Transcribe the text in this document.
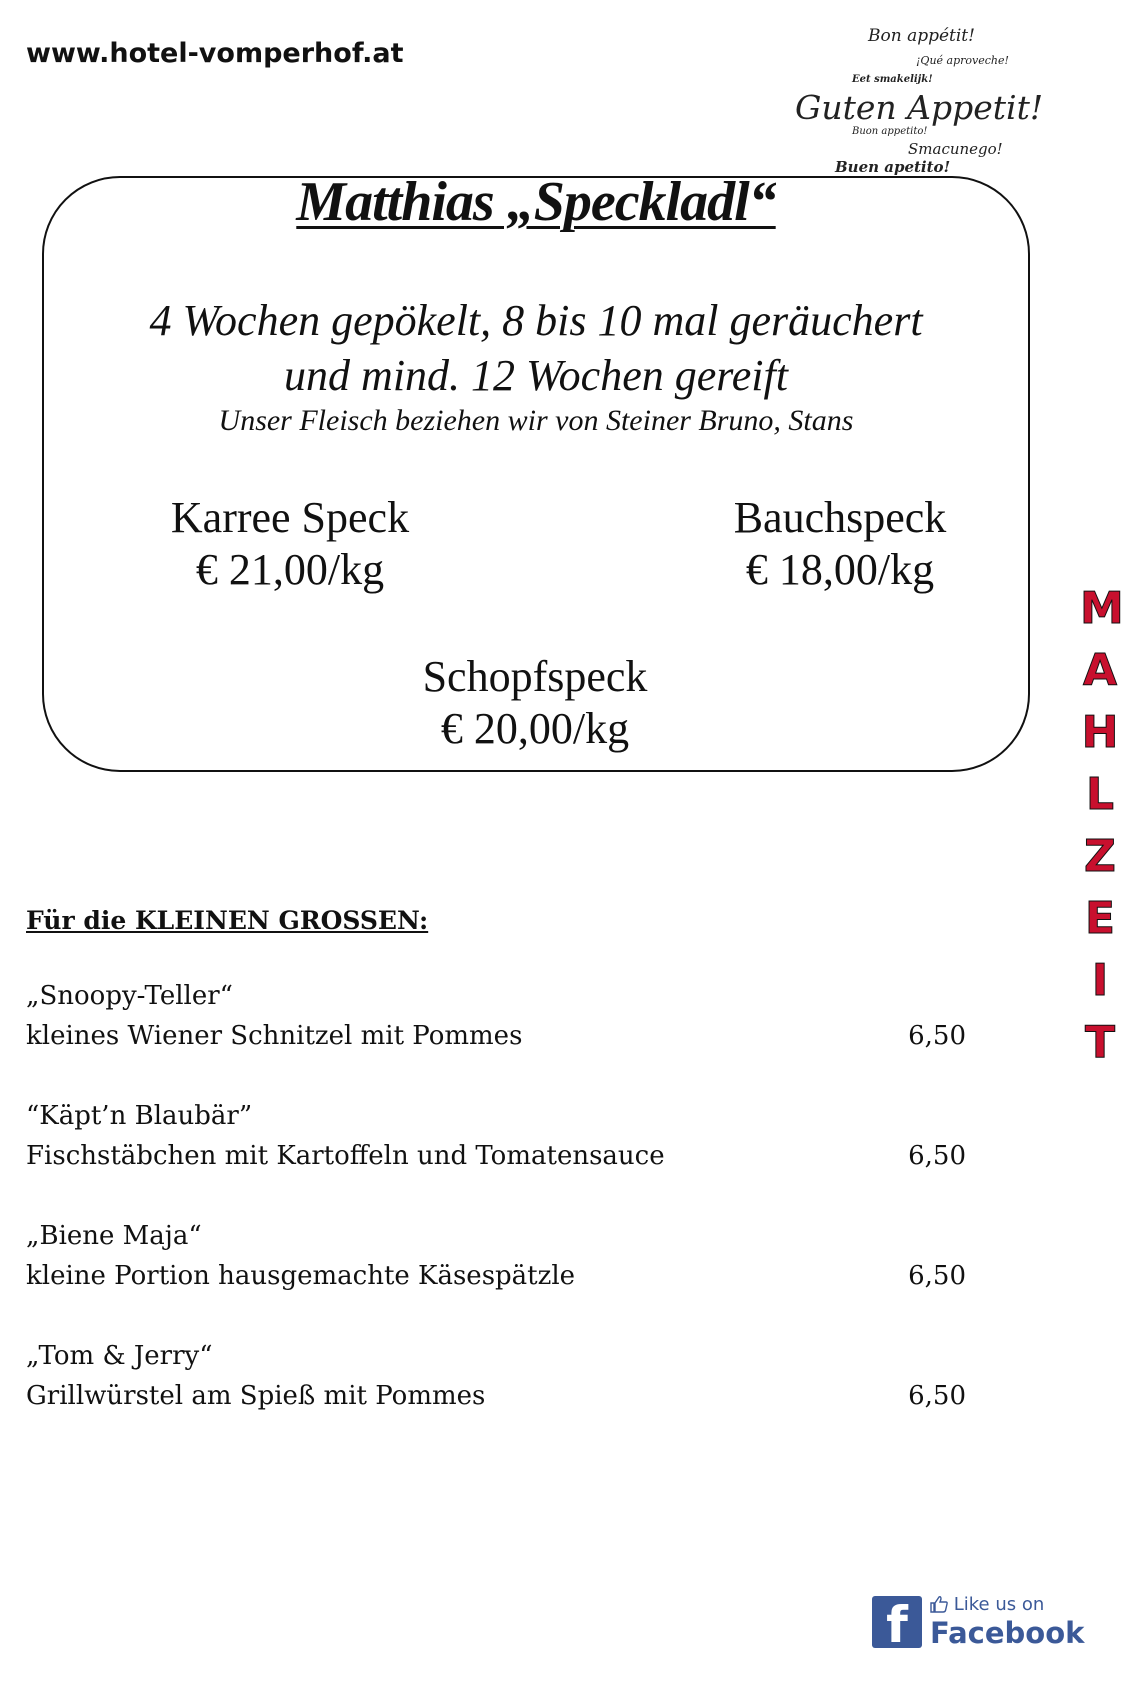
www.hotel-vomperhof.at
Bon appétit!
¡Qué aproveche!
Eet smakelijk!
Guten Appetit!
Buon appetito!
Smacunego!
Buen apetito!
Matthias „Speckladl“
4 Wochen gepökelt, 8 bis 10 mal geräuchert
und mind. 12 Wochen gereift
Unser Fleisch beziehen wir von Steiner Bruno, Stans
Karree Speck
€ 21,00/kg
Bauchspeck
€ 18,00/kg
Schopfspeck
€ 20,00/kg
M
A
H
L
Z
E
I
T
Für die KLEINEN GROSSEN:
„Snoopy-Teller“
kleines Wiener Schnitzel mit Pommes	6,50
“Käpt’n Blaubär”
Fischstäbchen mit Kartoffeln und Tomatensauce	6,50
„Biene Maja“
kleine Portion hausgemachte Käsespätzle	6,50
„Tom & Jerry“
Grillwürstel am Spieß mit Pommes	6,50
f	Like us on
Facebook
